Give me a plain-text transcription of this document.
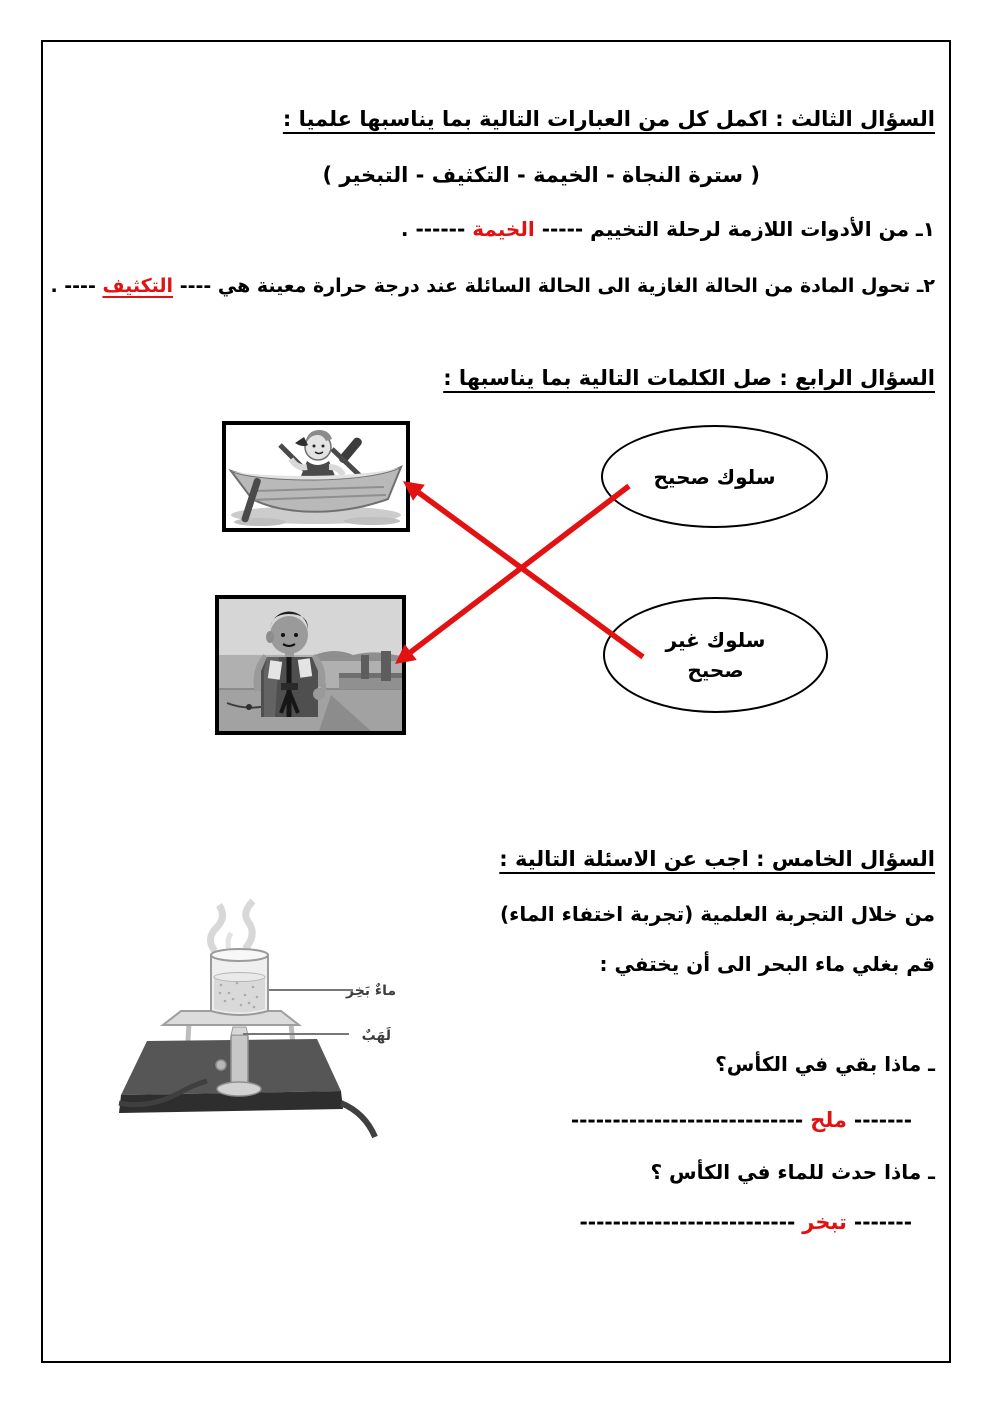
السؤال الثالث : اكمل كل من العبارات التالية بما يناسبها علميا :
( سترة النجاة - الخيمة - التكثيف - التبخير )
١ـ من الأدوات اللازمة لرحلة التخييم ----- الخيمة ------ .
٢ـ تحول المادة من الحالة الغازية الى الحالة السائلة عند درجة حرارة معينة هي ---- التكثيف ---- .
السؤال الرابع : صل الكلمات التالية بما يناسبها :
سلوك صحيح
سلوك غير
صحيح
السؤال الخامس : اجب عن الاسئلة التالية :
من خلال التجربة العلمية (تجربة اختفاء الماء)
قم بغلي ماء البحر الى أن يختفي :
ماءٌ بَخِر
لَهَبٌ
ـ ماذا بقي في الكأس؟
------- ملح ----------------------------
ـ ماذا حدث للماء في الكأس ؟
------- تبخر --------------------------
